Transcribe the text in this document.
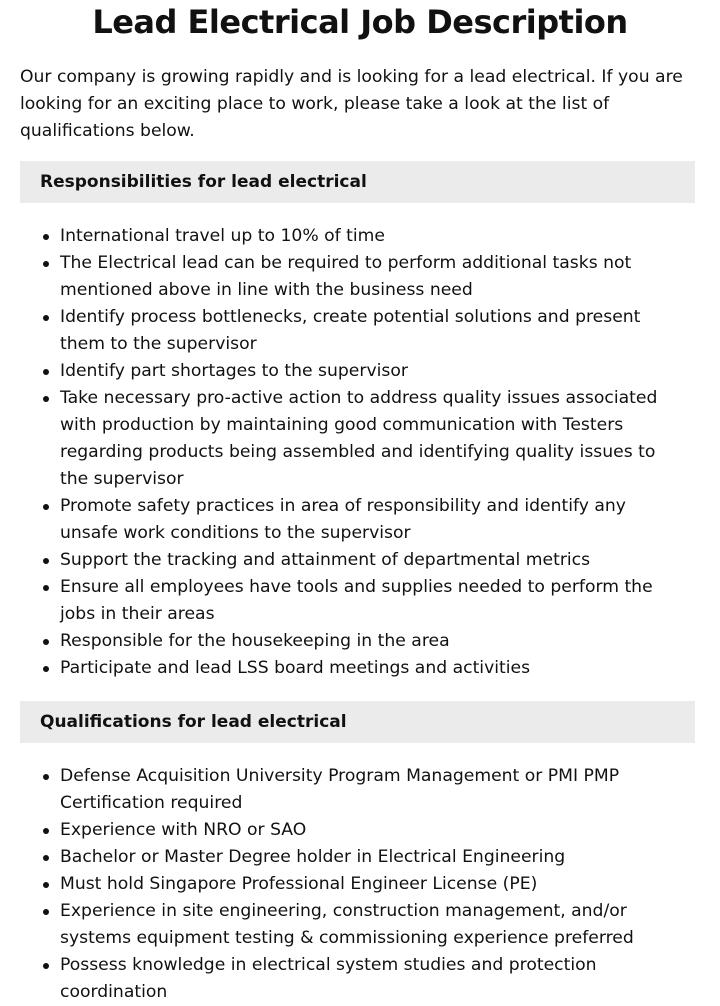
Lead Electrical Job Description

Our company is growing rapidly and is looking for a lead electrical. If you are looking for an exciting place to work, please take a look at the list of qualifications below.

Responsibilities for lead electrical
International travel up to 10% of time
The Electrical lead can be required to perform additional tasks not mentioned above in line with the business need
Identify process bottlenecks, create potential solutions and present them to the supervisor
Identify part shortages to the supervisor
Take necessary pro-active action to address quality issues associated with production by maintaining good communication with Testers regarding products being assembled and identifying quality issues to the supervisor
Promote safety practices in area of responsibility and identify any unsafe work conditions to the supervisor
Support the tracking and attainment of departmental metrics
Ensure all employees have tools and supplies needed to perform the jobs in their areas
Responsible for the housekeeping in the area
Participate and lead LSS board meetings and activities
Qualifications for lead electrical
Defense Acquisition University Program Management or PMI PMP Certification required
Experience with NRO or SAO
Bachelor or Master Degree holder in Electrical Engineering
Must hold Singapore Professional Engineer License (PE)
Experience in site engineering, construction management, and/or systems equipment testing & commissioning experience preferred
Possess knowledge in electrical system studies and protection coordination
